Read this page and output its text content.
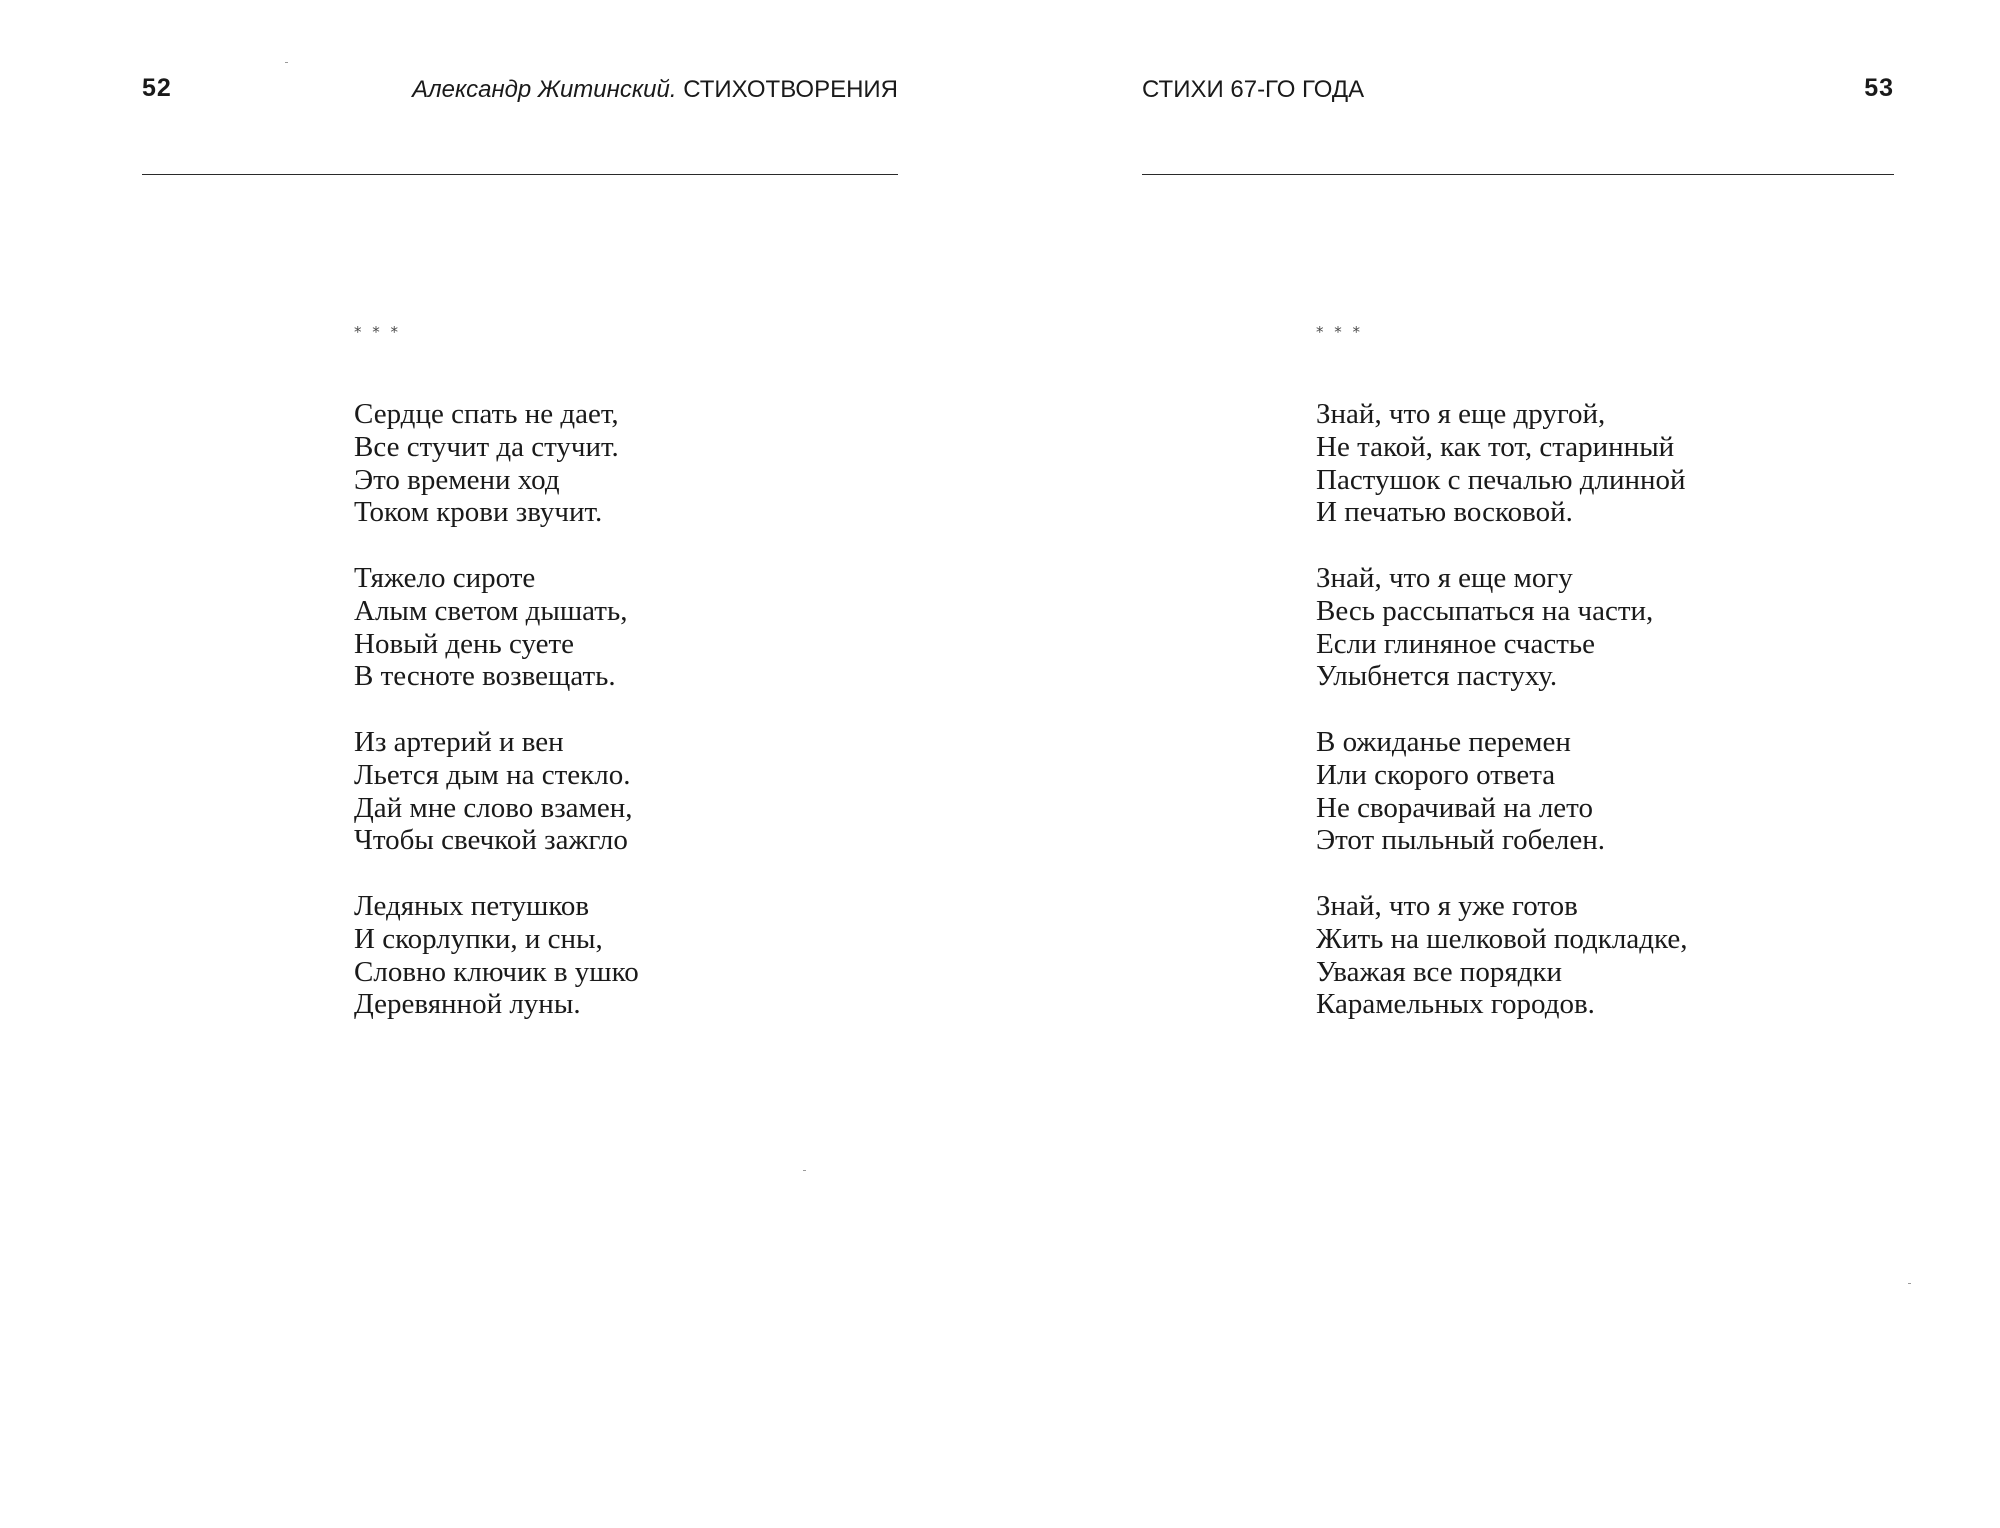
52	Александр Житинский. СТИХОТВОРЕНИЯ
* * *
Сердце спать не дает,
Все стучит да стучит.
Это времени ход
Током крови звучит.
Тяжело сироте
Алым светом дышать,
Новый день суете
В тесноте возвещать.
Из артерий и вен
Льется дым на стекло.
Дай мне слово взамен,
Чтобы свечкой зажгло
Ледяных петушков
И скорлупки, и сны,
Словно ключик в ушко
Деревянной луны.
СТИХИ 67-ГО ГОДА	53
* * *
Знай, что я еще другой,
Не такой, как тот, старинный
Пастушок с печалью длинной
И печатью восковой.
Знай, что я еще могу
Весь рассыпаться на части,
Если глиняное счастье
Улыбнется пастуху.
В ожиданье перемен
Или скорого ответа
Не сворачивай на лето
Этот пыльный гобелен.
Знай, что я уже готов
Жить на шелковой подкладке,
Уважая все порядки
Карамельных городов.
